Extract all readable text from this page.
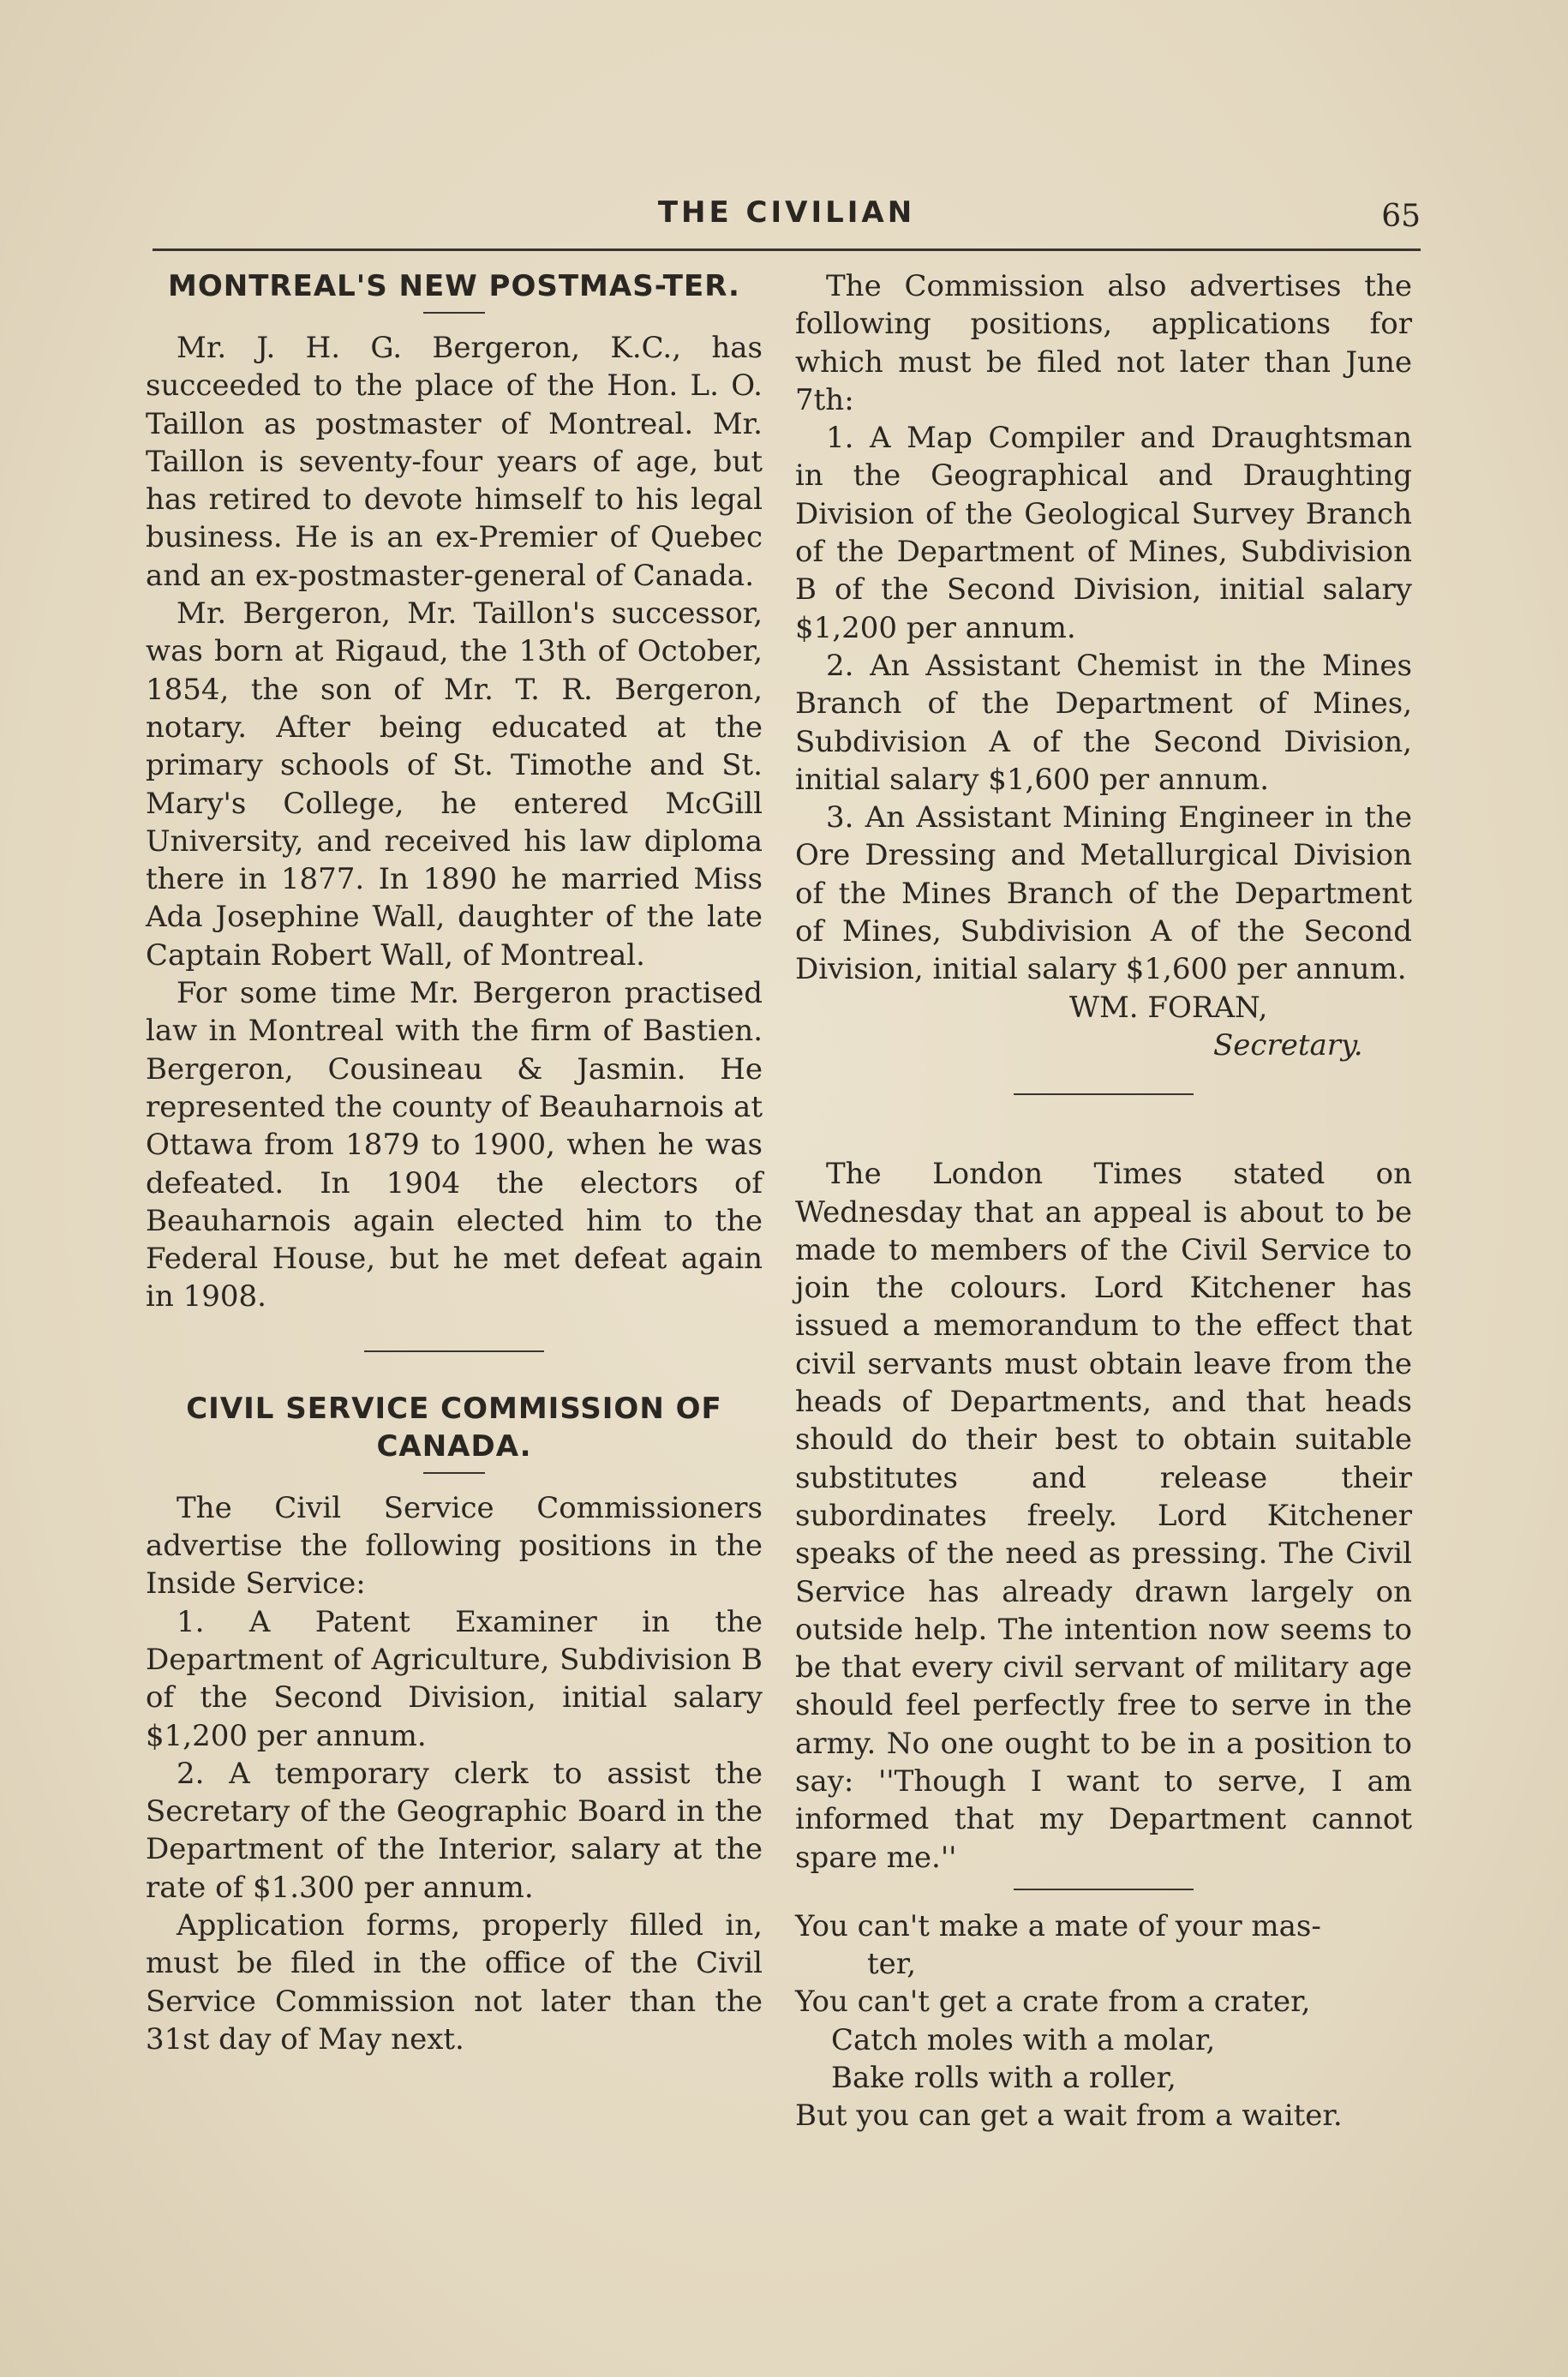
THE CIVILIAN	65
MONTREAL'S NEW POSTMAS-TER.

Mr. J. H. G. Bergeron, K.C., has succeeded to the place of the Hon. L. O. Taillon as postmaster of Montreal. Mr. Taillon is seventy-four years of age, but has retired to devote himself to his legal business. He is an ex-Premier of Quebec and an ex-postmaster-general of Canada.

Mr. Bergeron, Mr. Taillon's successor, was born at Rigaud, the 13th of October, 1854, the son of Mr. T. R. Bergeron, notary. After being educated at the primary schools of St. Timothe and St. Mary's College, he entered McGill University, and received his law diploma there in 1877. In 1890 he married Miss Ada Josephine Wall, daughter of the late Captain Robert Wall, of Montreal.

For some time Mr. Bergeron practised law in Montreal with the firm of Bastien. Bergeron, Cousineau & Jasmin. He represented the county of Beauharnois at Ottawa from 1879 to 1900, when he was defeated. In 1904 the electors of Beauharnois again elected him to the Federal House, but he met defeat again in 1908.

CIVIL SERVICE COMMISSION OF CANADA.

The Civil Service Commissioners advertise the following positions in the Inside Service:

1. A Patent Examiner in the Department of Agriculture, Subdivision B of the Second Division, initial salary $1,200 per annum.

2. A temporary clerk to assist the Secretary of the Geographic Board in the Department of the Interior, salary at the rate of $1.300 per annum.

Application forms, properly filled in, must be filed in the office of the Civil Service Commission not later than the 31st day of May next.

The Commission also advertises the following positions, applications for which must be filed not later than June 7th:

1. A Map Compiler and Draughtsman in the Geographical and Draughting Division of the Geological Survey Branch of the Department of Mines, Subdivision B of the Second Division, initial salary $1,200 per annum.

2. An Assistant Chemist in the Mines Branch of the Department of Mines, Subdivision A of the Second Division, initial salary $1,600 per annum.

3. An Assistant Mining Engineer in the Ore Dressing and Metallurgical Division of the Mines Branch of the Department of Mines, Subdivision A of the Second Division, initial salary $1,600 per annum.

WM. FORAN,
Secretary.

The London Times stated on Wednesday that an appeal is about to be made to members of the Civil Service to join the colours. Lord Kitchener has issued a memorandum to the effect that civil servants must obtain leave from the heads of Departments, and that heads should do their best to obtain suitable substitutes and release their subordinates freely. Lord Kitchener speaks of the need as pressing. The Civil Service has already drawn largely on outside help. The intention now seems to be that every civil servant of military age should feel perfectly free to serve in the army. No one ought to be in a position to say: ''Though I want to serve, I am informed that my Department cannot spare me.''

You can't make a mate of your mas-

ter,

You can't get a crate from a crater,

Catch moles with a molar,

Bake rolls with a roller,

But you can get a wait from a waiter.
